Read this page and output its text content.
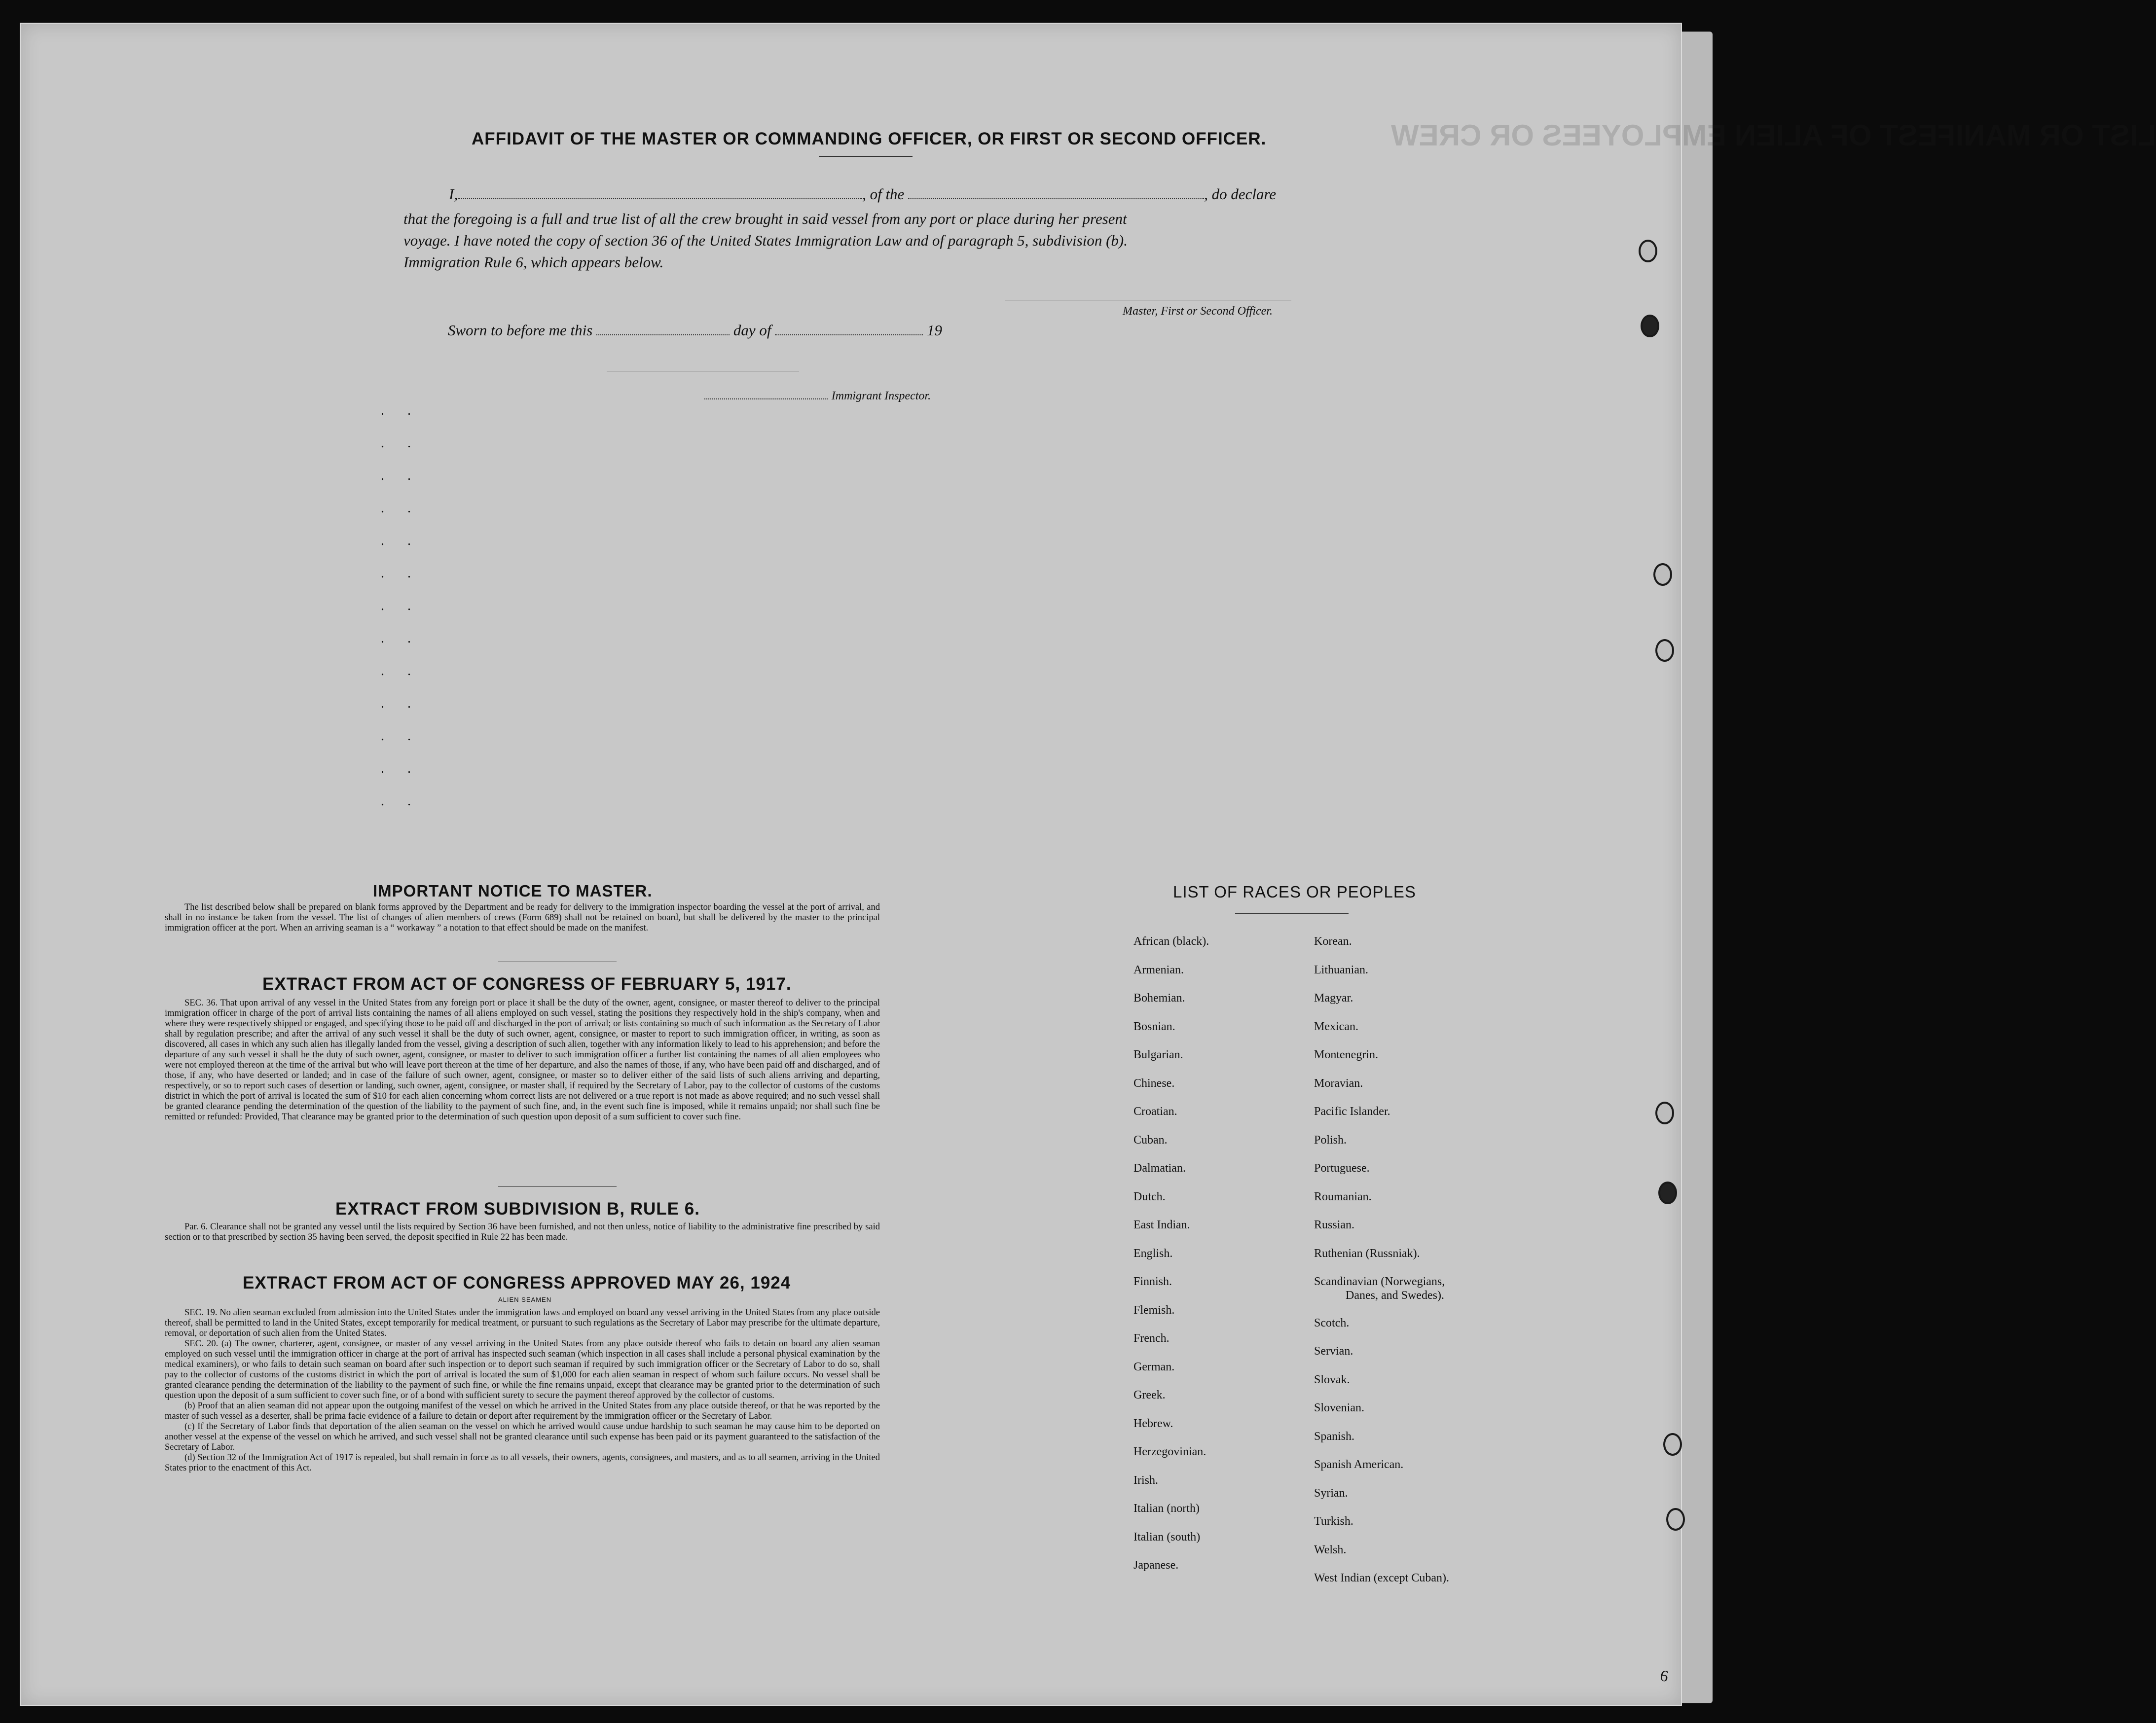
LIST OR MANIFEST OF ALIEN EMPLOYEES OR CREW
AFFIDAVIT OF THE MASTER OR COMMANDING OFFICER, OR FIRST OR SECOND OFFICER.
I,	, of the	, do declare
that the foregoing is a full and true list of all the crew brought in said vessel from any port or place during her present
voyage. I have noted the copy of section 36 of the United States Immigration Law and of paragraph 5, subdivision (b).
Immigration Rule 6, which appears below.
Master, First or Second Officer.
Sworn to before me this	day of	19
Immigrant Inspector.
. .
. .
. .
. .
. .
. .
. .
. .
. .
. .
. .
. .
. .
IMPORTANT NOTICE TO MASTER.

The list described below shall be prepared on blank forms approved by the Department and be ready for delivery to the immigration inspector boarding the vessel at the port of arrival, and shall in no instance be taken from the vessel. The list of changes of alien members of crews (Form 689) shall not be retained on board, but shall be delivered by the master to the principal immigration officer at the port. When an arriving seaman is a “ workaway ” a notation to that effect should be made on the manifest.

EXTRACT FROM ACT OF CONGRESS OF FEBRUARY 5, 1917.

SEC. 36. That upon arrival of any vessel in the United States from any foreign port or place it shall be the duty of the owner, agent, consignee, or master thereof to deliver to the principal immigration officer in charge of the port of arrival lists containing the names of all aliens employed on such vessel, stating the positions they respectively hold in the ship's company, when and where they were respectively shipped or engaged, and specifying those to be paid off and discharged in the port of arrival; or lists containing so much of such information as the Secretary of Labor shall by regulation prescribe; and after the arrival of any such vessel it shall be the duty of such owner, agent, consignee, or master to report to such immigration officer, in writing, as soon as discovered, all cases in which any such alien has illegally landed from the vessel, giving a description of such alien, together with any information likely to lead to his apprehension; and before the departure of any such vessel it shall be the duty of such owner, agent, consignee, or master to deliver to such immigration officer a further list containing the names of all alien employees who were not employed thereon at the time of the arrival but who will leave port thereon at the time of her departure, and also the names of those, if any, who have been paid off and discharged, and of those, if any, who have deserted or landed; and in case of the failure of such owner, agent, consignee, or master so to deliver either of the said lists of such aliens arriving and departing, respectively, or so to report such cases of desertion or landing, such owner, agent, consignee, or master shall, if required by the Secretary of Labor, pay to the collector of customs of the customs district in which the port of arrival is located the sum of $10 for each alien concerning whom correct lists are not delivered or a true report is not made as above required; and no such vessel shall be granted clearance pending the determination of the question of the liability to the payment of such fine, and, in the event such fine is imposed, while it remains unpaid; nor shall such fine be remitted or refunded: Provided, That clearance may be granted prior to the determination of such question upon deposit of a sum sufficient to cover such fine.

EXTRACT FROM SUBDIVISION B, RULE 6.

Par. 6. Clearance shall not be granted any vessel until the lists required by Section 36 have been furnished, and not then unless, notice of liability to the administrative fine prescribed by said section or to that prescribed by section 35 having been served, the deposit specified in Rule 22 has been made.

EXTRACT FROM ACT OF CONGRESS APPROVED MAY 26, 1924
ALIEN SEAMEN

SEC. 19. No alien seaman excluded from admission into the United States under the immigration laws and employed on board any vessel arriving in the United States from any place outside thereof, shall be permitted to land in the United States, except temporarily for medical treatment, or pursuant to such regulations as the Secretary of Labor may prescribe for the ultimate departure, removal, or deportation of such alien from the United States.

SEC. 20. (a) The owner, charterer, agent, consignee, or master of any vessel arriving in the United States from any place outside thereof who fails to detain on board any alien seaman employed on such vessel until the immigration officer in charge at the port of arrival has inspected such seaman (which inspection in all cases shall include a personal physical examination by the medical examiners), or who fails to detain such seaman on board after such inspection or to deport such seaman if required by such immigration officer or the Secretary of Labor to do so, shall pay to the collector of customs of the customs district in which the port of arrival is located the sum of $1,000 for each alien seaman in respect of whom such failure occurs. No vessel shall be granted clearance pending the determination of the liability to the payment of such fine, or while the fine remains unpaid, except that clearance may be granted prior to the determination of such question upon the deposit of a sum sufficient to cover such fine, or of a bond with sufficient surety to secure the payment thereof approved by the collector of customs.

(b) Proof that an alien seaman did not appear upon the outgoing manifest of the vessel on which he arrived in the United States from any place outside thereof, or that he was reported by the master of such vessel as a deserter, shall be prima facie evidence of a failure to detain or deport after requirement by the immigration officer or the Secretary of Labor.

(c) If the Secretary of Labor finds that deportation of the alien seaman on the vessel on which he arrived would cause undue hardship to such seaman he may cause him to be deported on another vessel at the expense of the vessel on which he arrived, and such vessel shall not be granted clearance until such expense has been paid or its payment guaranteed to the satisfaction of the Secretary of Labor.

(d) Section 32 of the Immigration Act of 1917 is repealed, but shall remain in force as to all vessels, their owners, agents, consignees, and masters, and as to all seamen, arriving in the United States prior to the enactment of this Act.

LIST OF RACES OR PEOPLES
African (black).
Armenian.
Bohemian.
Bosnian.
Bulgarian.
Chinese.
Croatian.
Cuban.
Dalmatian.
Dutch.
East Indian.
English.
Finnish.
Flemish.
French.
German.
Greek.
Hebrew.
Herzegovinian.
Irish.
Italian (north)
Italian (south)
Japanese.
Korean.
Lithuanian.
Magyar.
Mexican.
Montenegrin.
Moravian.
Pacific Islander.
Polish.
Portuguese.
Roumanian.
Russian.
Ruthenian (Russniak).
Scandinavian (Norwegians,
Scotch.
Servian.
Slovak.
Slovenian.
Spanish.
Spanish American.
Syrian.
Turkish.
Welsh.
West Indian (except Cuban).
Danes, and Swedes).
6
